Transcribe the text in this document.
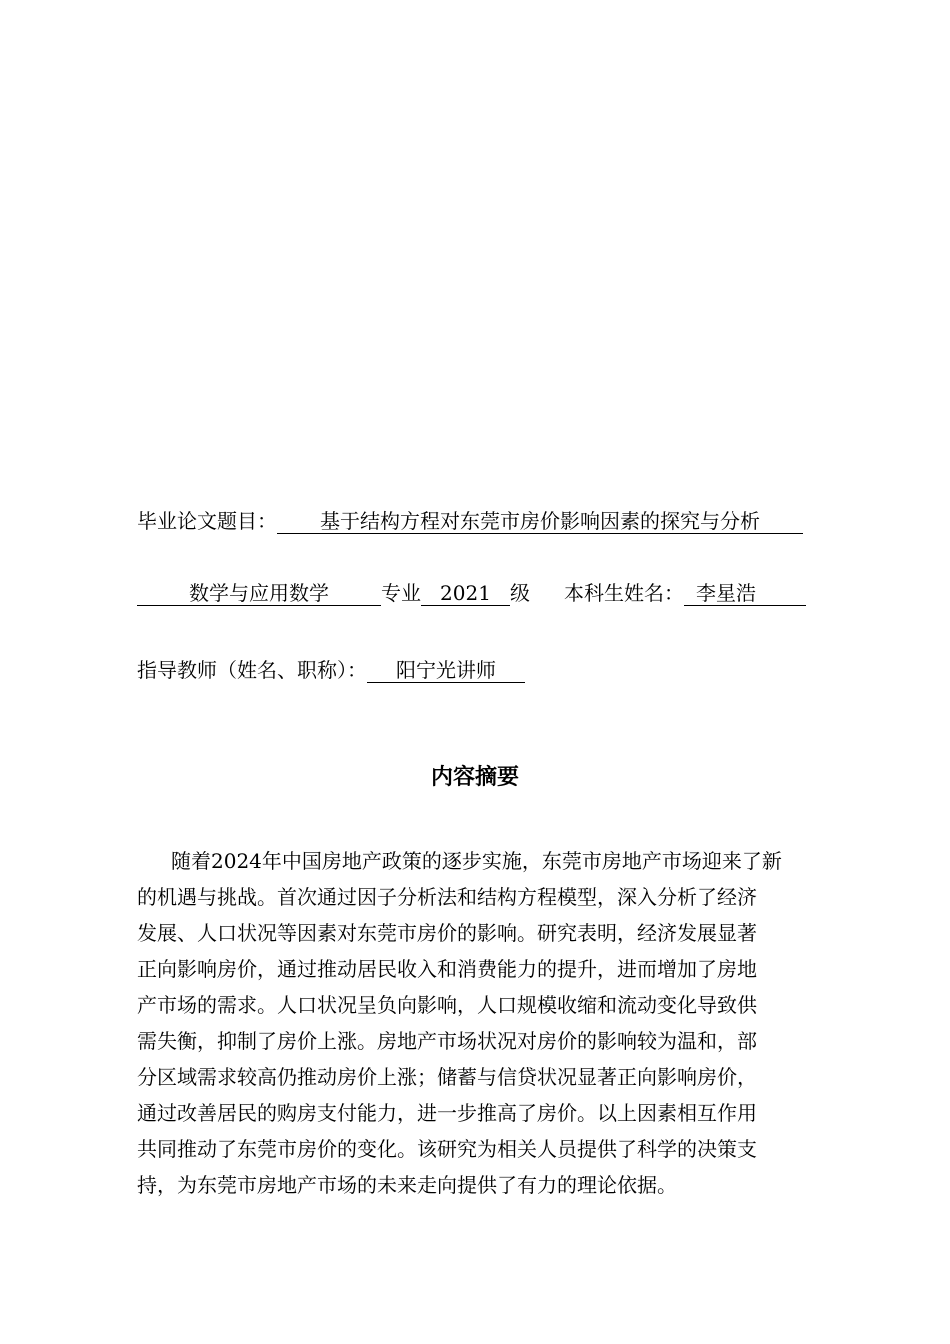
毕业论文题目： 基于结构方程对东莞市房价影响因素的探究与分析
数学与应用数学	专业 2021 级 本科生姓名： 李星浩
指导教师（姓名、职称）： 阳宁光讲师
内容摘要
随着2024年中国房地产政策的逐步实施，东莞市房地产市场迎来了新
的机遇与挑战。首次通过因子分析法和结构方程模型，深入分析了经济
发展、人口状况等因素对东莞市房价的影响。研究表明，经济发展显著
正向影响房价，通过推动居民收入和消费能力的提升，进而增加了房地
产市场的需求。人口状况呈负向影响，人口规模收缩和流动变化导致供
需失衡，抑制了房价上涨。房地产市场状况对房价的影响较为温和，部
分区域需求较高仍推动房价上涨；储蓄与信贷状况显著正向影响房价，
通过改善居民的购房支付能力，进一步推高了房价。以上因素相互作用
共同推动了东莞市房价的变化。该研究为相关人员提供了科学的决策支
持，为东莞市房地产市场的未来走向提供了有力的理论依据。
